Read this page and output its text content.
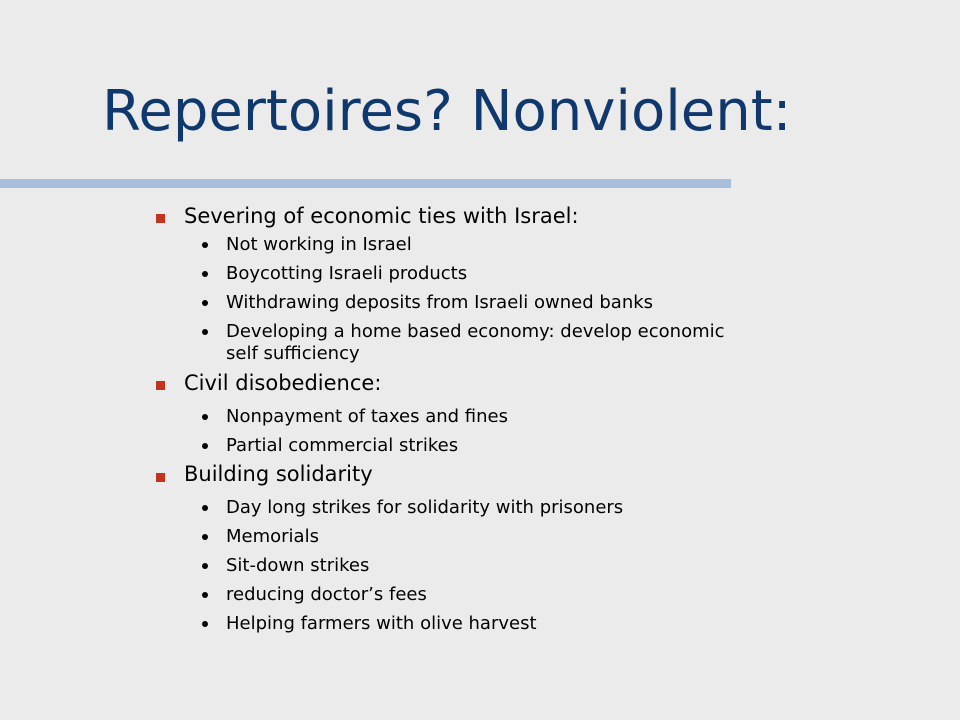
Repertoires? Nonviolent:
Severing of economic ties with Israel:
Not working in Israel
Boycotting Israeli products
Withdrawing deposits from Israeli owned banks
Developing a home based economy: develop economic
self sufficiency
Civil disobedience:
Nonpayment of taxes and fines
Partial commercial strikes
Building solidarity
Day long strikes for solidarity with prisoners
Memorials
Sit-down strikes
reducing doctor’s fees
Helping farmers with olive harvest
